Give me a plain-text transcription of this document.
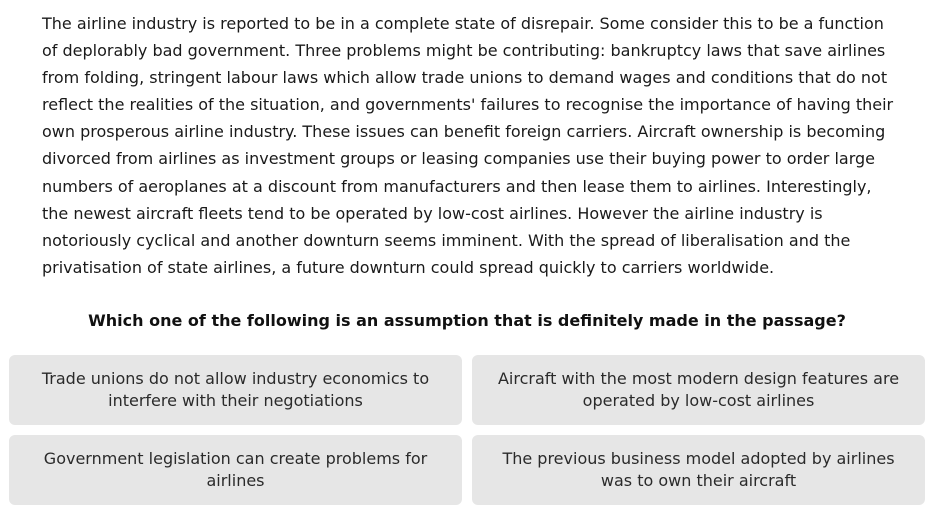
The airline industry is reported to be in a complete state of disrepair. Some consider this to be a function of deplorably bad government. Three problems might be contributing: bankruptcy laws that save airlines from folding, stringent labour laws which allow trade unions to demand wages and conditions that do not reflect the realities of the situation, and governments' failures to recognise the importance of having their own prosperous airline industry. These issues can benefit foreign carriers. Aircraft ownership is becoming divorced from airlines as investment groups or leasing companies use their buying power to order large numbers of aeroplanes at a discount from manufacturers and then lease them to airlines. Interestingly, the newest aircraft fleets tend to be operated by low-cost airlines. However the airline industry is notoriously cyclical and another downturn seems imminent. With the spread of liberalisation and the privatisation of state airlines, a future downturn could spread quickly to carriers worldwide.

Which one of the following is an assumption that is definitely made in the passage?

Trade unions do not allow industry economics to interfere with their negotiations
Aircraft with the most modern design features are operated by low-cost airlines
Government legislation can create problems for airlines
The previous business model adopted by airlines was to own their aircraft
